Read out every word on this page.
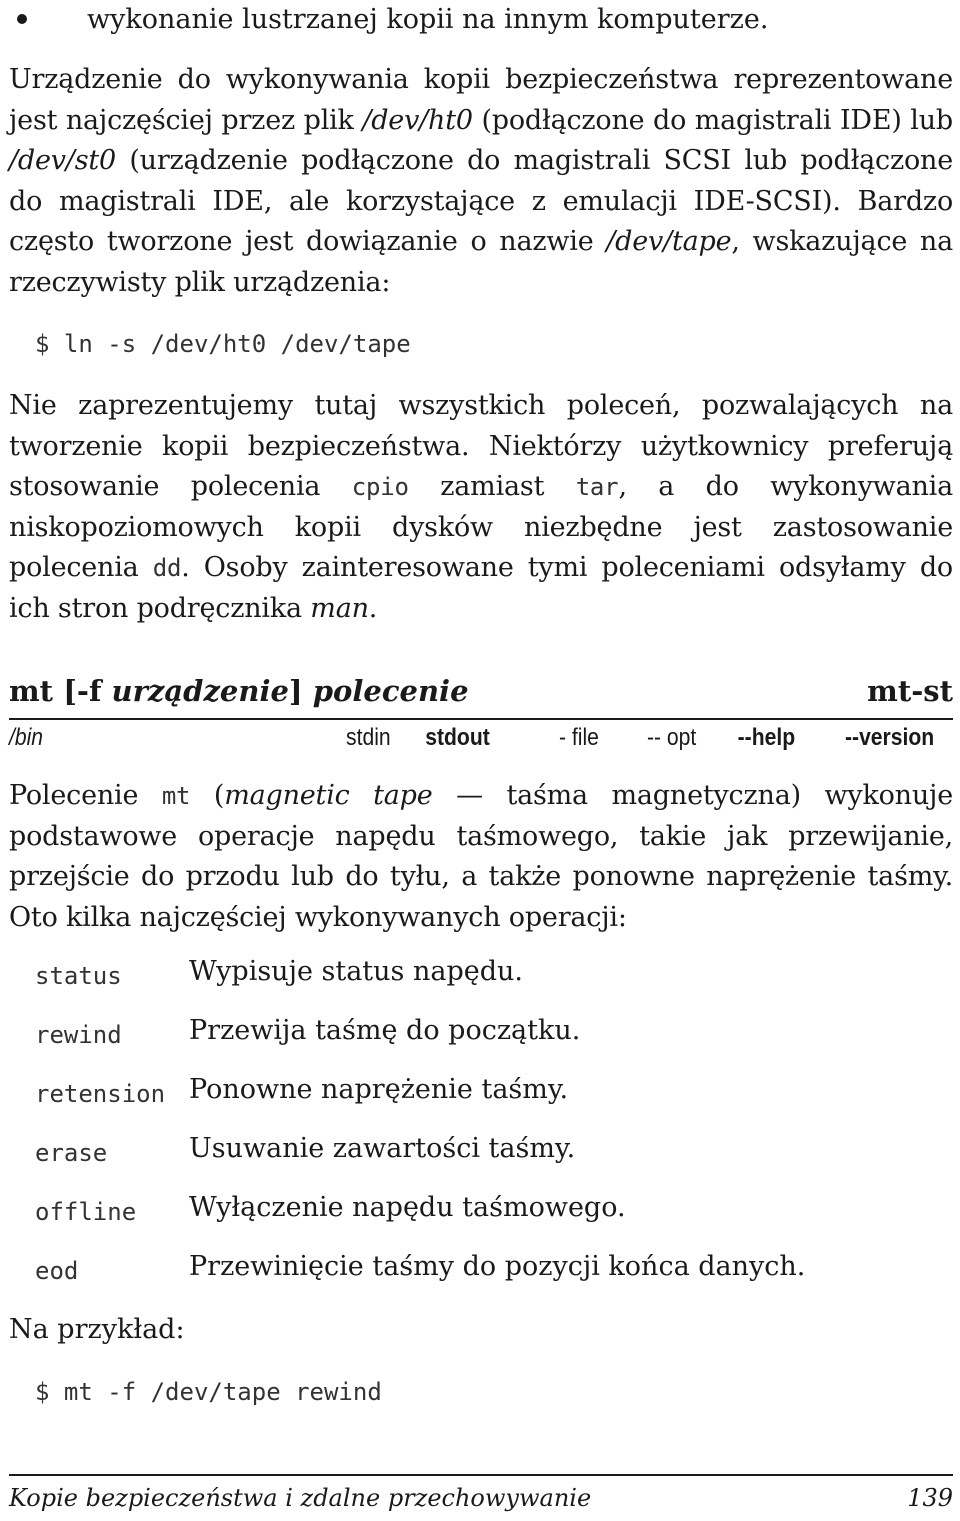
wykonanie lustrzanej kopii na innym komputerze.

Urządzenie do wykonywania kopii bezpieczeństwa reprezentowane jest najczęściej przez plik /dev/ht0 (podłączone do magistrali IDE) lub /dev/st0 (urządzenie podłączone do magistrali SCSI lub podłączone do magistrali IDE, ale korzystające z emulacji IDE-SCSI). Bardzo często tworzone jest dowiązanie o nazwie /dev/tape, wskazujące na rzeczywisty plik urządzenia:

$ ln -s /dev/ht0 /dev/tape

Nie zaprezentujemy tutaj wszystkich poleceń, pozwalających na tworzenie kopii bezpieczeństwa. Niektórzy użytkownicy preferują stosowanie polecenia cpio zamiast tar, a do wykonywania niskopoziomowych kopii dysków niezbędne jest zastosowanie polecenia dd. Osoby zainteresowane tymi poleceniami odsyłamy do ich stron podręcznika man.

mt [-f urządzenie] polecenie	mt-st
/bin	stdin stdout	- file -- opt --help --version

Polecenie mt (magnetic tape — taśma magnetyczna) wykonuje podstawowe operacje napędu taśmowego, takie jak przewijanie, przejście do przodu lub do tyłu, a także ponowne naprężenie taśmy. Oto kilka najczęściej wykonywanych operacji:

status Wypisuje status napędu.
rewind Przewija taśmę do początku.
retension Ponowne naprężenie taśmy.
erase	Usuwanie zawartości taśmy.
offline Wyłączenie napędu taśmowego.
eod	Przewinięcie taśmy do pozycji końca danych.
Na przykład:
$ mt -f /dev/tape rewind
Kopie bezpieczeństwa i zdalne przechowywanie	139
